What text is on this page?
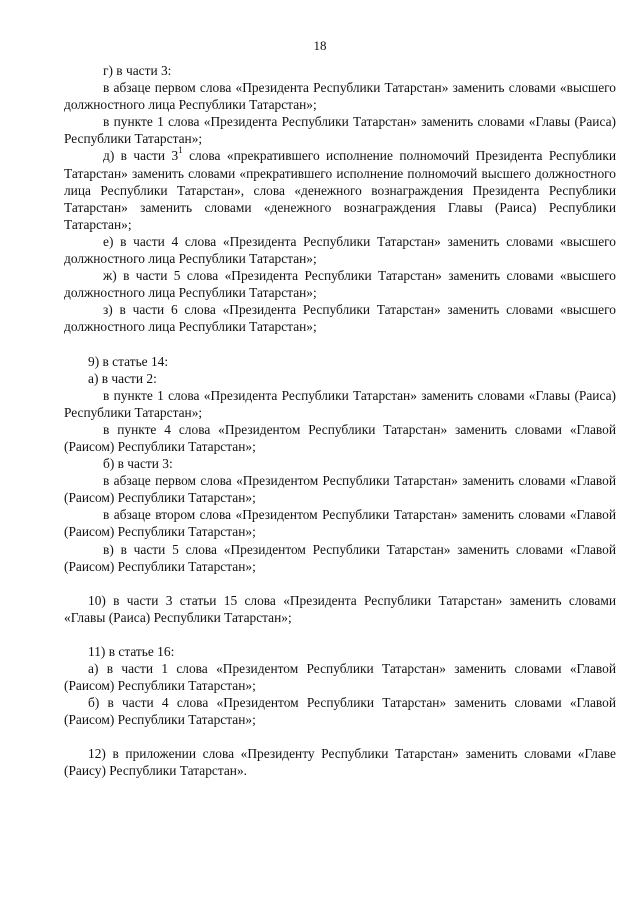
18

г) в части 3:

в абзаце первом слова «Президента Республики Татарстан» заменить словами «высшего должностного лица Республики Татарстан»;

в пункте 1 слова «Президента Республики Татарстан» заменить словами «Главы (Раиса) Республики Татарстан»;

д) в части $3^1$ слова «прекратившего исполнение полномочий Президента Республики Татарстан» заменить словами «прекратившего исполнение полномочий высшего должностного лица Республики Татарстан», слова «денежного вознаграждения Президента Республики Татарстан» заменить словами «денежного вознаграждения Главы (Раиса) Республики Татарстан»;

е) в части 4 слова «Президента Республики Татарстан» заменить словами «высшего должностного лица Республики Татарстан»;

ж) в части 5 слова «Президента Республики Татарстан» заменить словами «высшего должностного лица Республики Татарстан»;

з) в части 6 слова «Президента Республики Татарстан» заменить словами «высшего должностного лица Республики Татарстан»;

9) в статье 14:

а) в части 2:

в пункте 1 слова «Президента Республики Татарстан» заменить словами «Главы (Раиса) Республики Татарстан»;

в пункте 4 слова «Президентом Республики Татарстан» заменить словами «Главой (Раисом) Республики Татарстан»;

б) в части 3:

в абзаце первом слова «Президентом Республики Татарстан» заменить словами «Главой (Раисом) Республики Татарстан»;

в абзаце втором слова «Президентом Республики Татарстан» заменить словами «Главой (Раисом) Республики Татарстан»;

в) в части 5 слова «Президентом Республики Татарстан» заменить словами «Главой (Раисом) Республики Татарстан»;

10) в части 3 статьи 15 слова «Президента Республики Татарстан» заменить словами «Главы (Раиса) Республики Татарстан»;

11) в статье 16:

а) в части 1 слова «Президентом Республики Татарстан» заменить словами «Главой (Раисом) Республики Татарстан»;

б) в части 4 слова «Президентом Республики Татарстан» заменить словами «Главой (Раисом) Республики Татарстан»;

12) в приложении слова «Президенту Республики Татарстан» заменить словами «Главе (Раису) Республики Татарстан».
